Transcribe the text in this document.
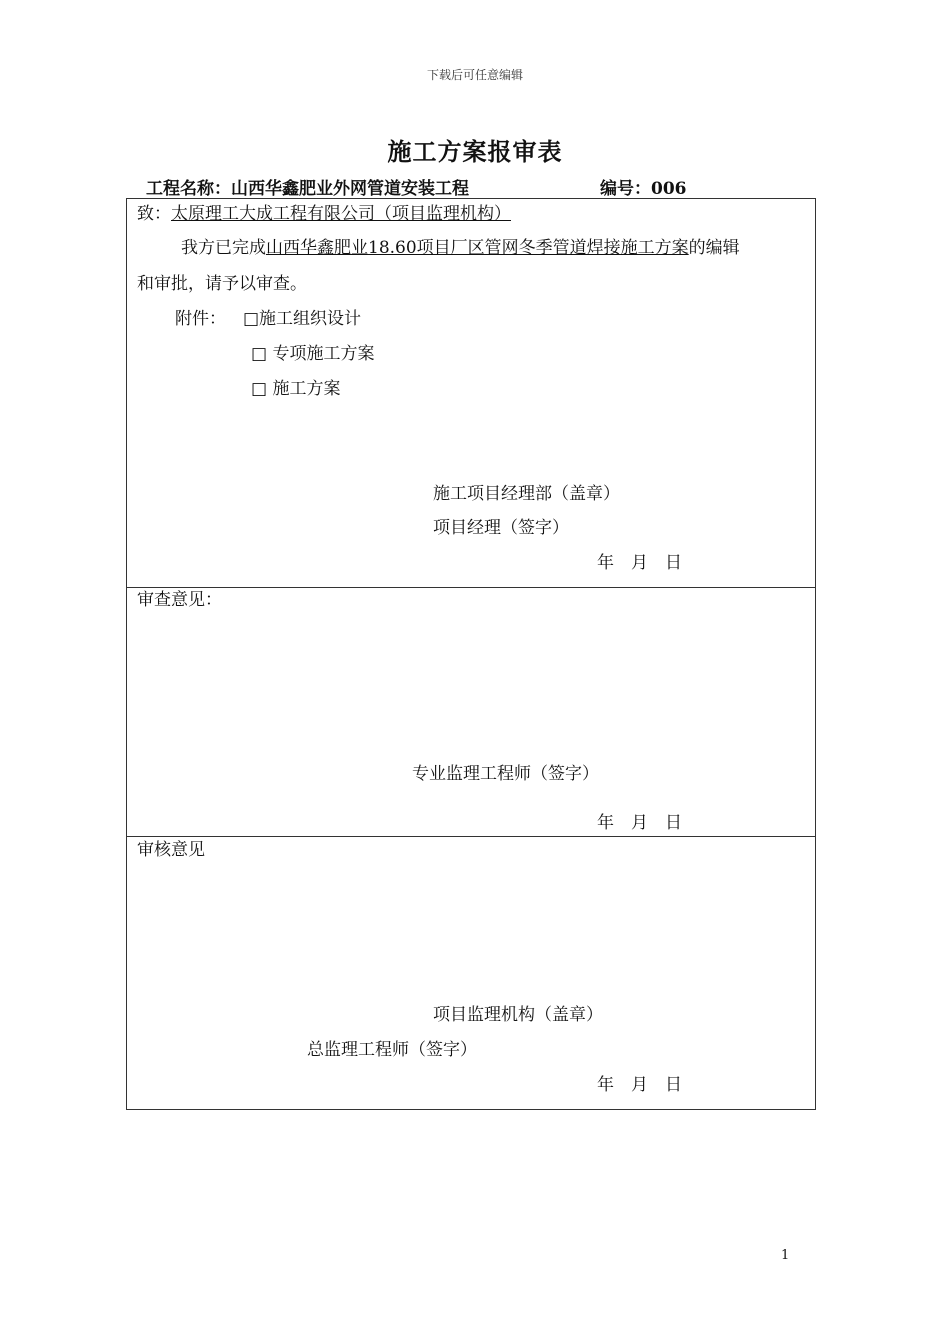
下载后可任意编辑
施工方案报审表
工程名称：山西华鑫肥业外网管道安装工程	编号：006
致：太原理工大成工程有限公司（项目监理机构）
我方已完成山西华鑫肥业18.60项目厂区管网冬季管道焊接施工方案的编辑
和审批，请予以审查。
附件： □施工组织设计
□ 专项施工方案
□ 施工方案
施工项目经理部（盖章）
项目经理（签字）
年　月　日
审查意见：
专业监理工程师（签字）
年　月　日
审核意见
项目监理机构（盖章）
总监理工程师（签字）
年　月　日
1
